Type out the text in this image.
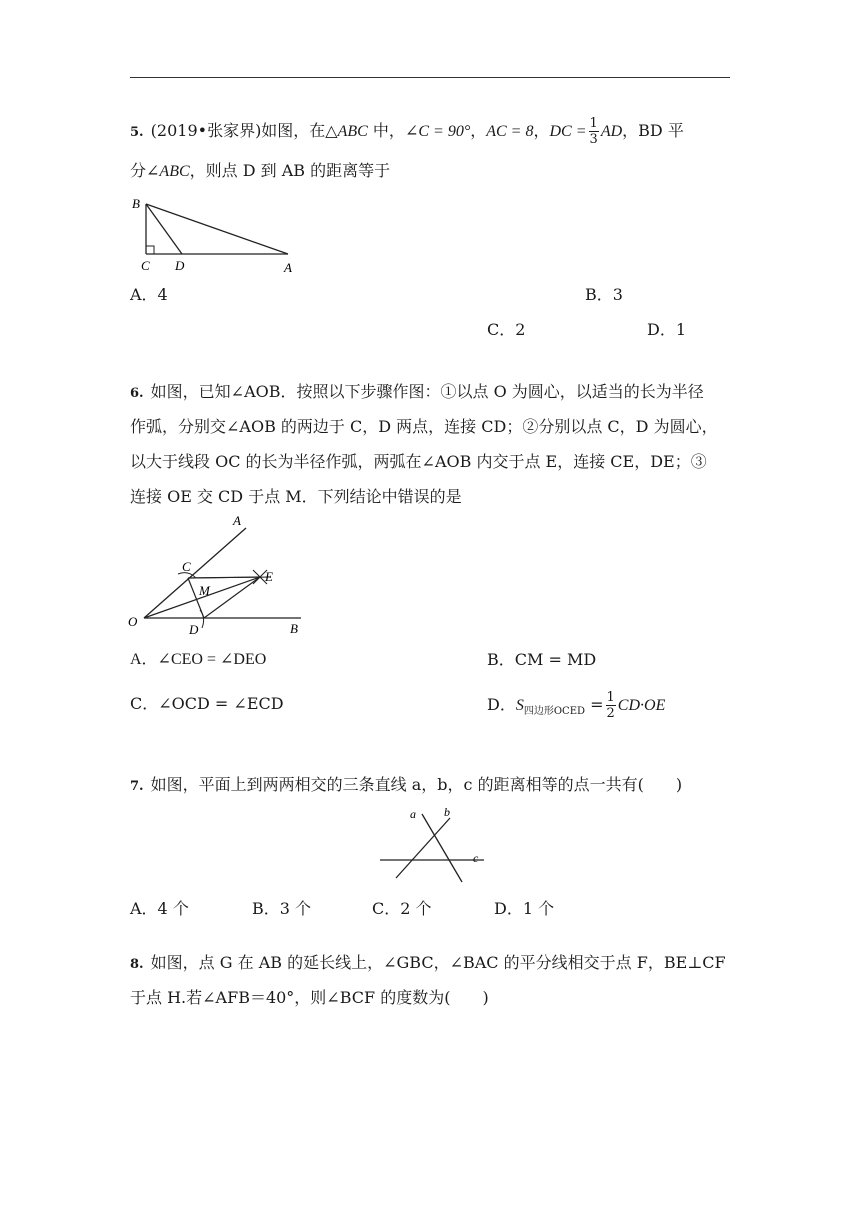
5. (2019•张家界)如图，在△ABC 中，∠C = 90°，AC = 8，DC = $\frac{1}{3}$ AD，BD 平
分∠ABC，则点 D 到 AB 的距离等于
B
C D	A
A．4	B．3
C．2	D．1
6. 如图，已知∠AOB．按照以下步骤作图：①以点 O 为圆心，以适当的长为半径
作弧，分别交∠AOB 的两边于 C，D 两点，连接 CD；②分别以点 C，D 为圆心，
以大于线段 OC 的长为半径作弧，两弧在∠AOB 内交于点 E，连接 CE，DE；③
连接 OE 交 CD 于点 M．下列结论中错误的是
A
C
E
M
O
D	B
A．∠CEO = ∠DEO	B．CM = MD
C．∠OCD = ∠ECD	D．$S_{四边形OCED} = \frac{1}{2} CD\cdot OE$
7. 如图，平面上到两两相交的三条直线 a，b，c 的距离相等的点一共有(　　)
a b
c
A．4 个	B．3 个	C．2 个	D．1 个
8. 如图，点 G 在 AB 的延长线上，∠GBC，∠BAC 的平分线相交于点 F，BE⊥CF
于点 H.若∠AFB＝40°，则∠BCF 的度数为(　　)
